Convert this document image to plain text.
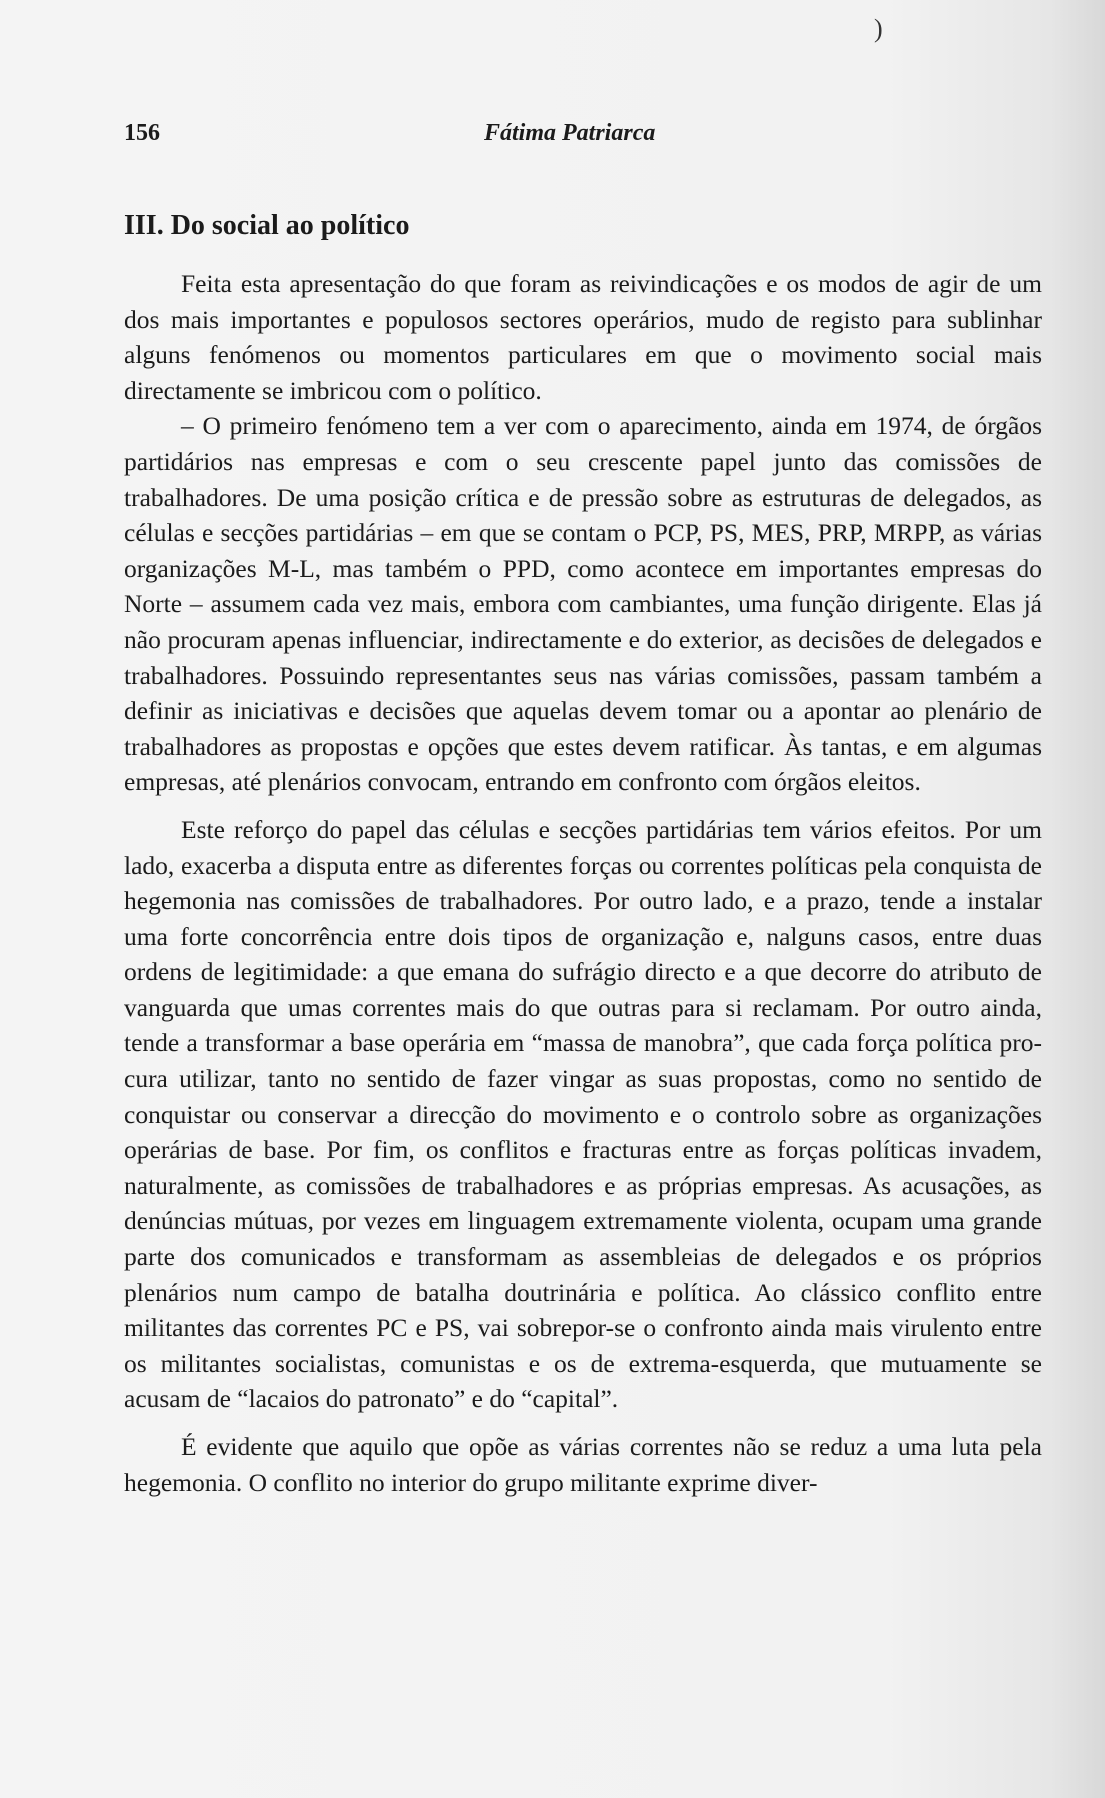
)
156	Fátima Patriarca
III. Do social ao político

Feita esta apresentação do que foram as reivindicações e os modos de agir de um dos mais importantes e populosos sectores operários, mudo de registo para sublinhar alguns fenómenos ou momentos particulares em que o movimento social mais directamente se imbricou com o político.

– O primeiro fenómeno tem a ver com o aparecimento, ainda em 1974, de órgãos partidários nas empresas e com o seu crescente papel junto das comissões de trabalhadores. De uma posição crítica e de pressão sobre as estruturas de delegados, as células e secções partidárias – em que se contam o PCP, PS, MES, PRP, MRPP, as várias organizações M-L, mas também o PPD, como acontece em importantes empresas do Norte – assumem cada vez mais, embora com cambiantes, uma função dirigente. Elas já não procuram apenas influenciar, indirectamente e do exterior, as decisões de delegados e trabalhadores. Possuindo representantes seus nas várias comissões, passam também a definir as iniciativas e decisões que aquelas devem tomar ou a apontar ao plenário de trabalhadores as propostas e opções que estes devem ratificar. Às tantas, e em algumas empresas, até plenários convocam, entrando em confronto com órgãos eleitos.

Este reforço do papel das células e secções partidárias tem vários efeitos. Por um lado, exacerba a disputa entre as diferentes forças ou correntes políticas pela conquista de hegemonia nas comissões de trabalhadores. Por outro lado, e a prazo, tende a instalar uma forte concorrência entre dois tipos de organização e, nalguns casos, entre duas ordens de legitimidade: a que emana do sufrágio directo e a que decorre do atributo de vanguarda que umas correntes mais do que outras para si reclamam. Por outro ainda, tende a transformar a base operária em “massa de manobra”, que cada força política procura utilizar, tanto no sentido de fazer vingar as suas propostas, como no sentido de conquistar ou conservar a direcção do movimento e o controlo sobre as organizações operárias de base. Por fim, os conflitos e fracturas entre as forças políticas invadem, naturalmente, as comissões de trabalhadores e as próprias empresas. As acusações, as denúncias mútuas, por vezes em linguagem extremamente violenta, ocupam uma grande parte dos comunicados e transformam as assembleias de delegados e os próprios plenários num campo de batalha doutrinária e política. Ao clássico conflito entre militantes das correntes PC e PS, vai sobrepor-se o confronto ainda mais virulento entre os militantes socialistas, comunistas e os de extrema-esquerda, que mutuamente se acusam de “lacaios do patronato” e do “capital”.

É evidente que aquilo que opõe as várias correntes não se reduz a uma luta pela hegemonia. O conflito no interior do grupo militante exprime diver-
